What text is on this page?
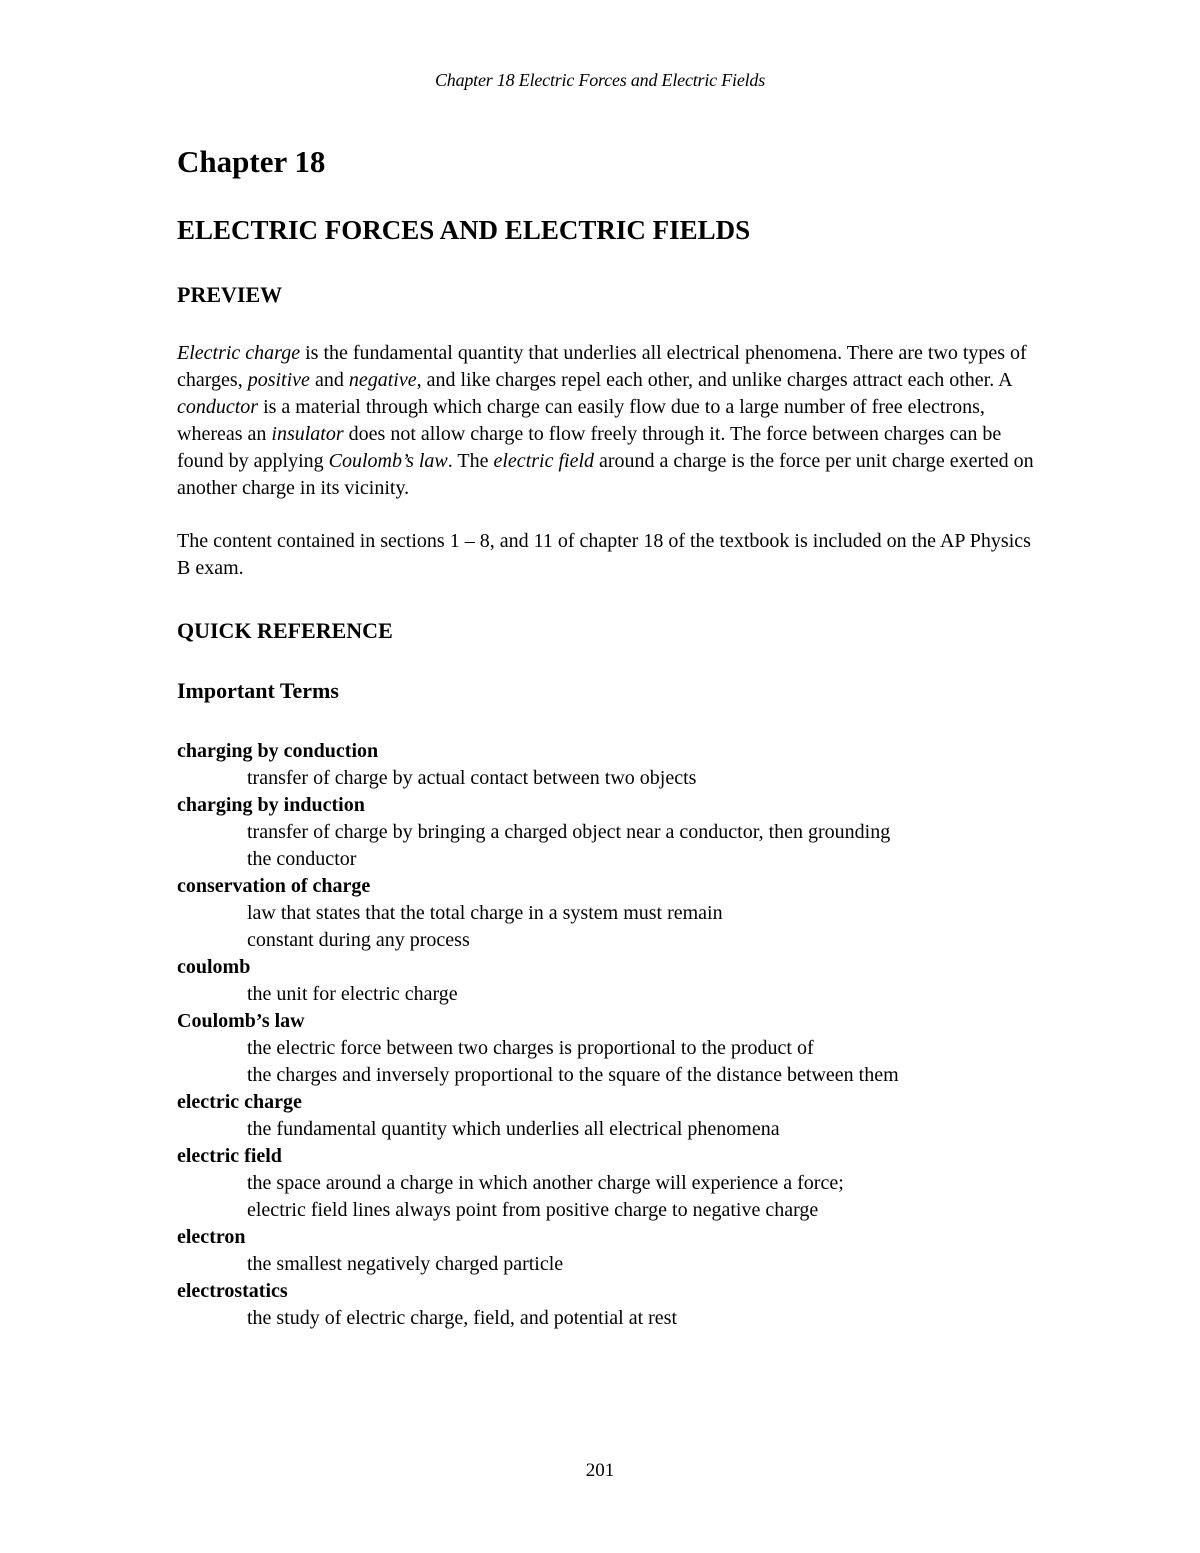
Chapter 18 Electric Forces and Electric Fields
Chapter 18
ELECTRIC FORCES AND ELECTRIC FIELDS
PREVIEW

Electric charge is the fundamental quantity that underlies all electrical phenomena. There are two types of charges, positive and negative, and like charges repel each other, and unlike charges attract each other. A conductor is a material through which charge can easily flow due to a large number of free electrons, whereas an insulator does not allow charge to flow freely through it. The force between charges can be found by applying Coulomb’s law. The electric field around a charge is the force per unit charge exerted on another charge in its vicinity.

The content contained in sections 1 – 8, and 11 of chapter 18 of the textbook is included on the AP Physics B exam.

QUICK REFERENCE
Important Terms
charging by conduction
transfer of charge by actual contact between two objects
charging by induction
transfer of charge by bringing a charged object near a conductor, then grounding
the conductor
conservation of charge
law that states that the total charge in a system must remain
constant during any process
coulomb
the unit for electric charge
Coulomb’s law
the electric force between two charges is proportional to the product of
the charges and inversely proportional to the square of the distance between them
electric charge
the fundamental quantity which underlies all electrical phenomena
electric field
the space around a charge in which another charge will experience a force;
electric field lines always point from positive charge to negative charge
electron
the smallest negatively charged particle
electrostatics
the study of electric charge, field, and potential at rest
201
